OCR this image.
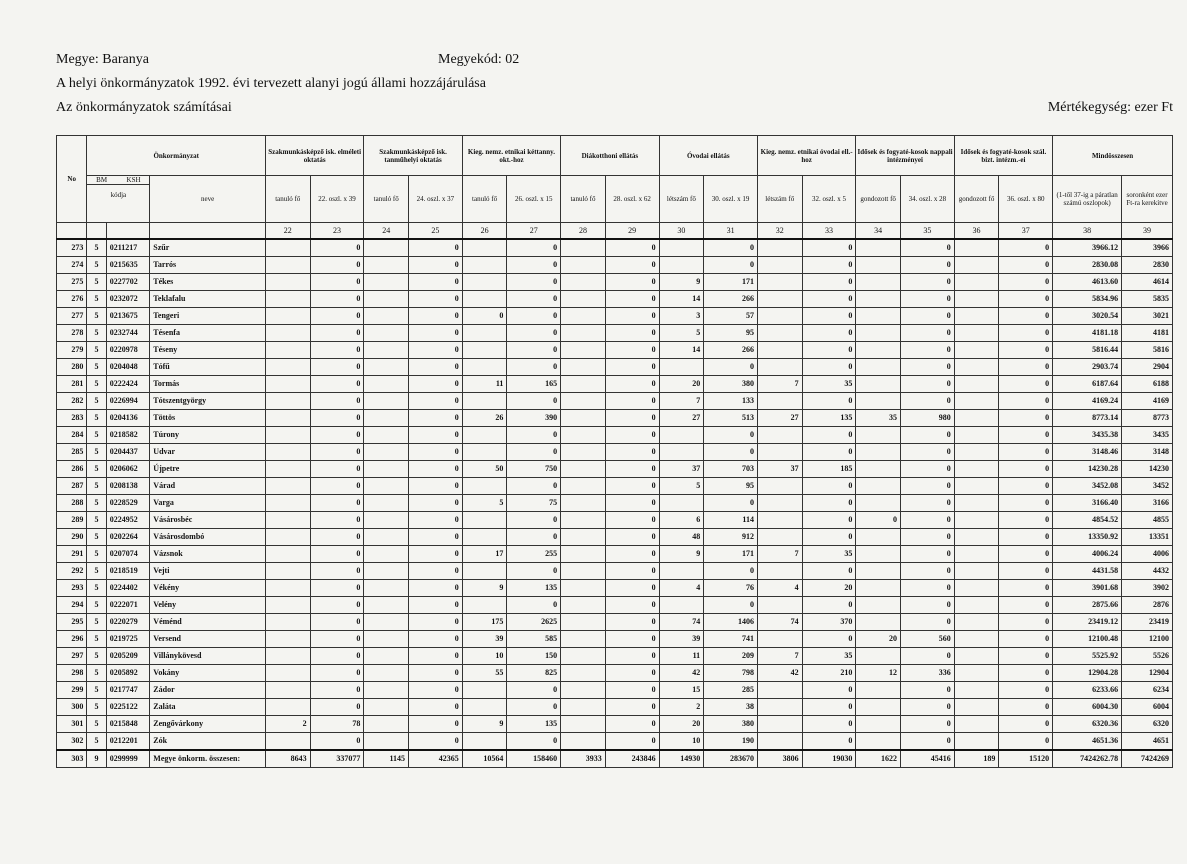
Megye: Baranya	Megyekód: 02
A helyi önkormányzatok 1992. évi tervezett alanyi jogú állami hozzájárulása
Az önkormányzatok számításai	Mértékegység: ezer Ft
No	Önkormányzat			Szakmunkásképző isk. elméleti oktatás		Szakmunkásképző isk. tanműhelyi oktatás		Kieg. nemz. etnikai kéttanny. okt.-hoz		Diákotthoni ellátás		Óvodai ellátás		Kieg. nemz. etnikai óvodai ell.-hoz		Idősek és fogyaté-kosok nappali intézményei		Idősek és fogyaté-kosok szál. bizt. intézm.-ei		Mindösszesen	

	BM KSH
kódja		neve	tanuló fő	22. oszl. x 39	tanuló fő	24. oszl. x 37	tanuló fő	26. oszl. x 15	tanuló fő	28. oszl. x 62	létszám fő	30. oszl. x 19	létszám fő	32. oszl. x 5	gondozott fő	34. oszl. x 28	gondozott fő	36. oszl. x 80	(1-től 37-ig a páratlan számú oszlopok)	soronként ezer Ft-ra kerekítve
				22	23	24	25	26	27	28	29	30	31	32	33	34	35	36	37	38	39
273	5	0211217	Szűr		0		0		0		0		0		0		0		0	3966.12	3966
274	5	0215635	Tarrós		0		0		0		0		0		0		0		0	2830.08	2830
275	5	0227702	Tékes		0		0		0		0	9	171		0		0		0	4613.60	4614
276	5	0232072	Teklafalu		0		0		0		0	14	266		0		0		0	5834.96	5835
277	5	0213675	Tengeri		0		0	0	0		0	3	57		0		0		0	3020.54	3021
278	5	0232744	Tésenfa		0		0		0		0	5	95		0		0		0	4181.18	4181
279	5	0220978	Téseny		0		0		0		0	14	266		0		0		0	5816.44	5816
280	5	0204048	Tófű		0		0		0		0		0		0		0		0	2903.74	2904
281	5	0222424	Tormás		0		0	11	165		0	20	380	7	35		0		0	6187.64	6188
282	5	0226994	Tótszentgyörgy		0		0		0		0	7	133		0		0		0	4169.24	4169
283	5	0204136	Töttös		0		0	26	390		0	27	513	27	135	35	980		0	8773.14	8773
284	5	0218582	Túrony		0		0		0		0		0		0		0		0	3435.38	3435
285	5	0204437	Udvar		0		0		0		0		0		0		0		0	3148.46	3148
286	5	0206062	Újpetre		0		0	50	750		0	37	703	37	185		0		0	14230.28	14230
287	5	0208138	Várad		0		0		0		0	5	95		0		0		0	3452.08	3452
288	5	0228529	Varga		0		0	5	75		0		0		0		0		0	3166.40	3166
289	5	0224952	Vásárosbéc		0		0		0		0	6	114		0	0	0		0	4854.52	4855
290	5	0202264	Vásárosdombó		0		0		0		0	48	912		0		0		0	13350.92	13351
291	5	0207074	Vázsnok		0		0	17	255		0	9	171	7	35		0		0	4006.24	4006
292	5	0218519	Vejti		0		0		0		0		0		0		0		0	4431.58	4432
293	5	0224402	Vékény		0		0	9	135		0	4	76	4	20		0		0	3901.68	3902
294	5	0222071	Velény		0		0		0		0		0		0		0		0	2875.66	2876
295	5	0220279	Véménd		0		0	175	2625		0	74	1406	74	370		0		0	23419.12	23419
296	5	0219725	Versend		0		0	39	585		0	39	741		0	20	560		0	12100.48	12100
297	5	0205209	Villánykövesd		0		0	10	150		0	11	209	7	35		0		0	5525.92	5526
298	5	0205892	Vokány		0		0	55	825		0	42	798	42	210	12	336		0	12904.28	12904
299	5	0217747	Zádor		0		0		0		0	15	285		0		0		0	6233.66	6234
300	5	0225122	Zaláta		0		0		0		0	2	38		0		0		0	6004.30	6004
301	5	0215848	Zengővárkony	2	78		0	9	135		0	20	380		0		0		0	6320.36	6320
302	5	0212201	Zók		0		0		0		0	10	190		0		0		0	4651.36	4651
303	9	0299999	Megye önkorm. összesen:	8643	337077	1145	42365	10564	158460	3933	243846	14930	283670	3806	19030	1622	45416	189	15120	7424262.78	7424269
